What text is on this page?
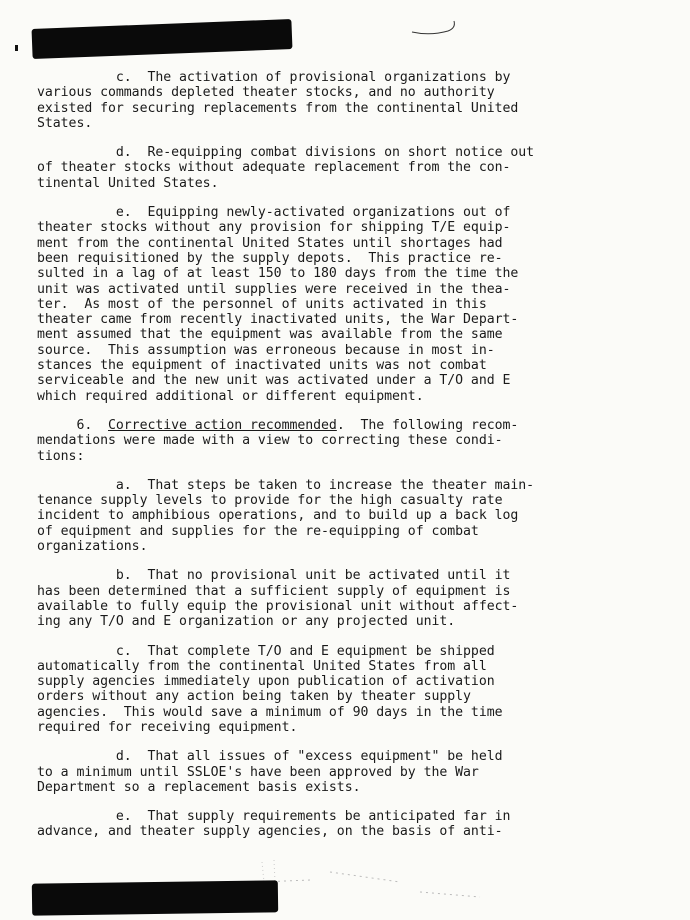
c.  The activation of provisional organizations by
various commands depleted theater stocks, and no authority
existed for securing replacements from the continental United
States.

d.  Re-equipping combat divisions on short notice out
of theater stocks without adequate replacement from the con-
tinental United States.

e.  Equipping newly-activated organizations out of
theater stocks without any provision for shipping T/E equip-
ment from the continental United States until shortages had
been requisitioned by the supply depots.  This practice re-
sulted in a lag of at least 150 to 180 days from the time the
unit was activated until supplies were received in the thea-
ter.  As most of the personnel of units activated in this
theater came from recently inactivated units, the War Depart-
ment assumed that the equipment was available from the same
source.  This assumption was erroneous because in most in-
stances the equipment of inactivated units was not combat
serviceable and the new unit was activated under a T/O and E
which required additional or different equipment.

6.  Corrective action recommended.  The following recom-
mendations were made with a view to correcting these condi-
tions:

a.  That steps be taken to increase the theater main-
tenance supply levels to provide for the high casualty rate
incident to amphibious operations, and to build up a back log
of equipment and supplies for the re-equipping of combat
organizations.

b.  That no provisional unit be activated until it
has been determined that a sufficient supply of equipment is
available to fully equip the provisional unit without affect-
ing any T/O and E organization or any projected unit.

c.  That complete T/O and E equipment be shipped
automatically from the continental United States from all
supply agencies immediately upon publication of activation
orders without any action being taken by theater supply
agencies.  This would save a minimum of 90 days in the time
required for receiving equipment.

d.  That all issues of "excess equipment" be held
to a minimum until SSLOE's have been approved by the War
Department so a replacement basis exists.

e.  That supply requirements be anticipated far in
advance, and theater supply agencies, on the basis of anti-
